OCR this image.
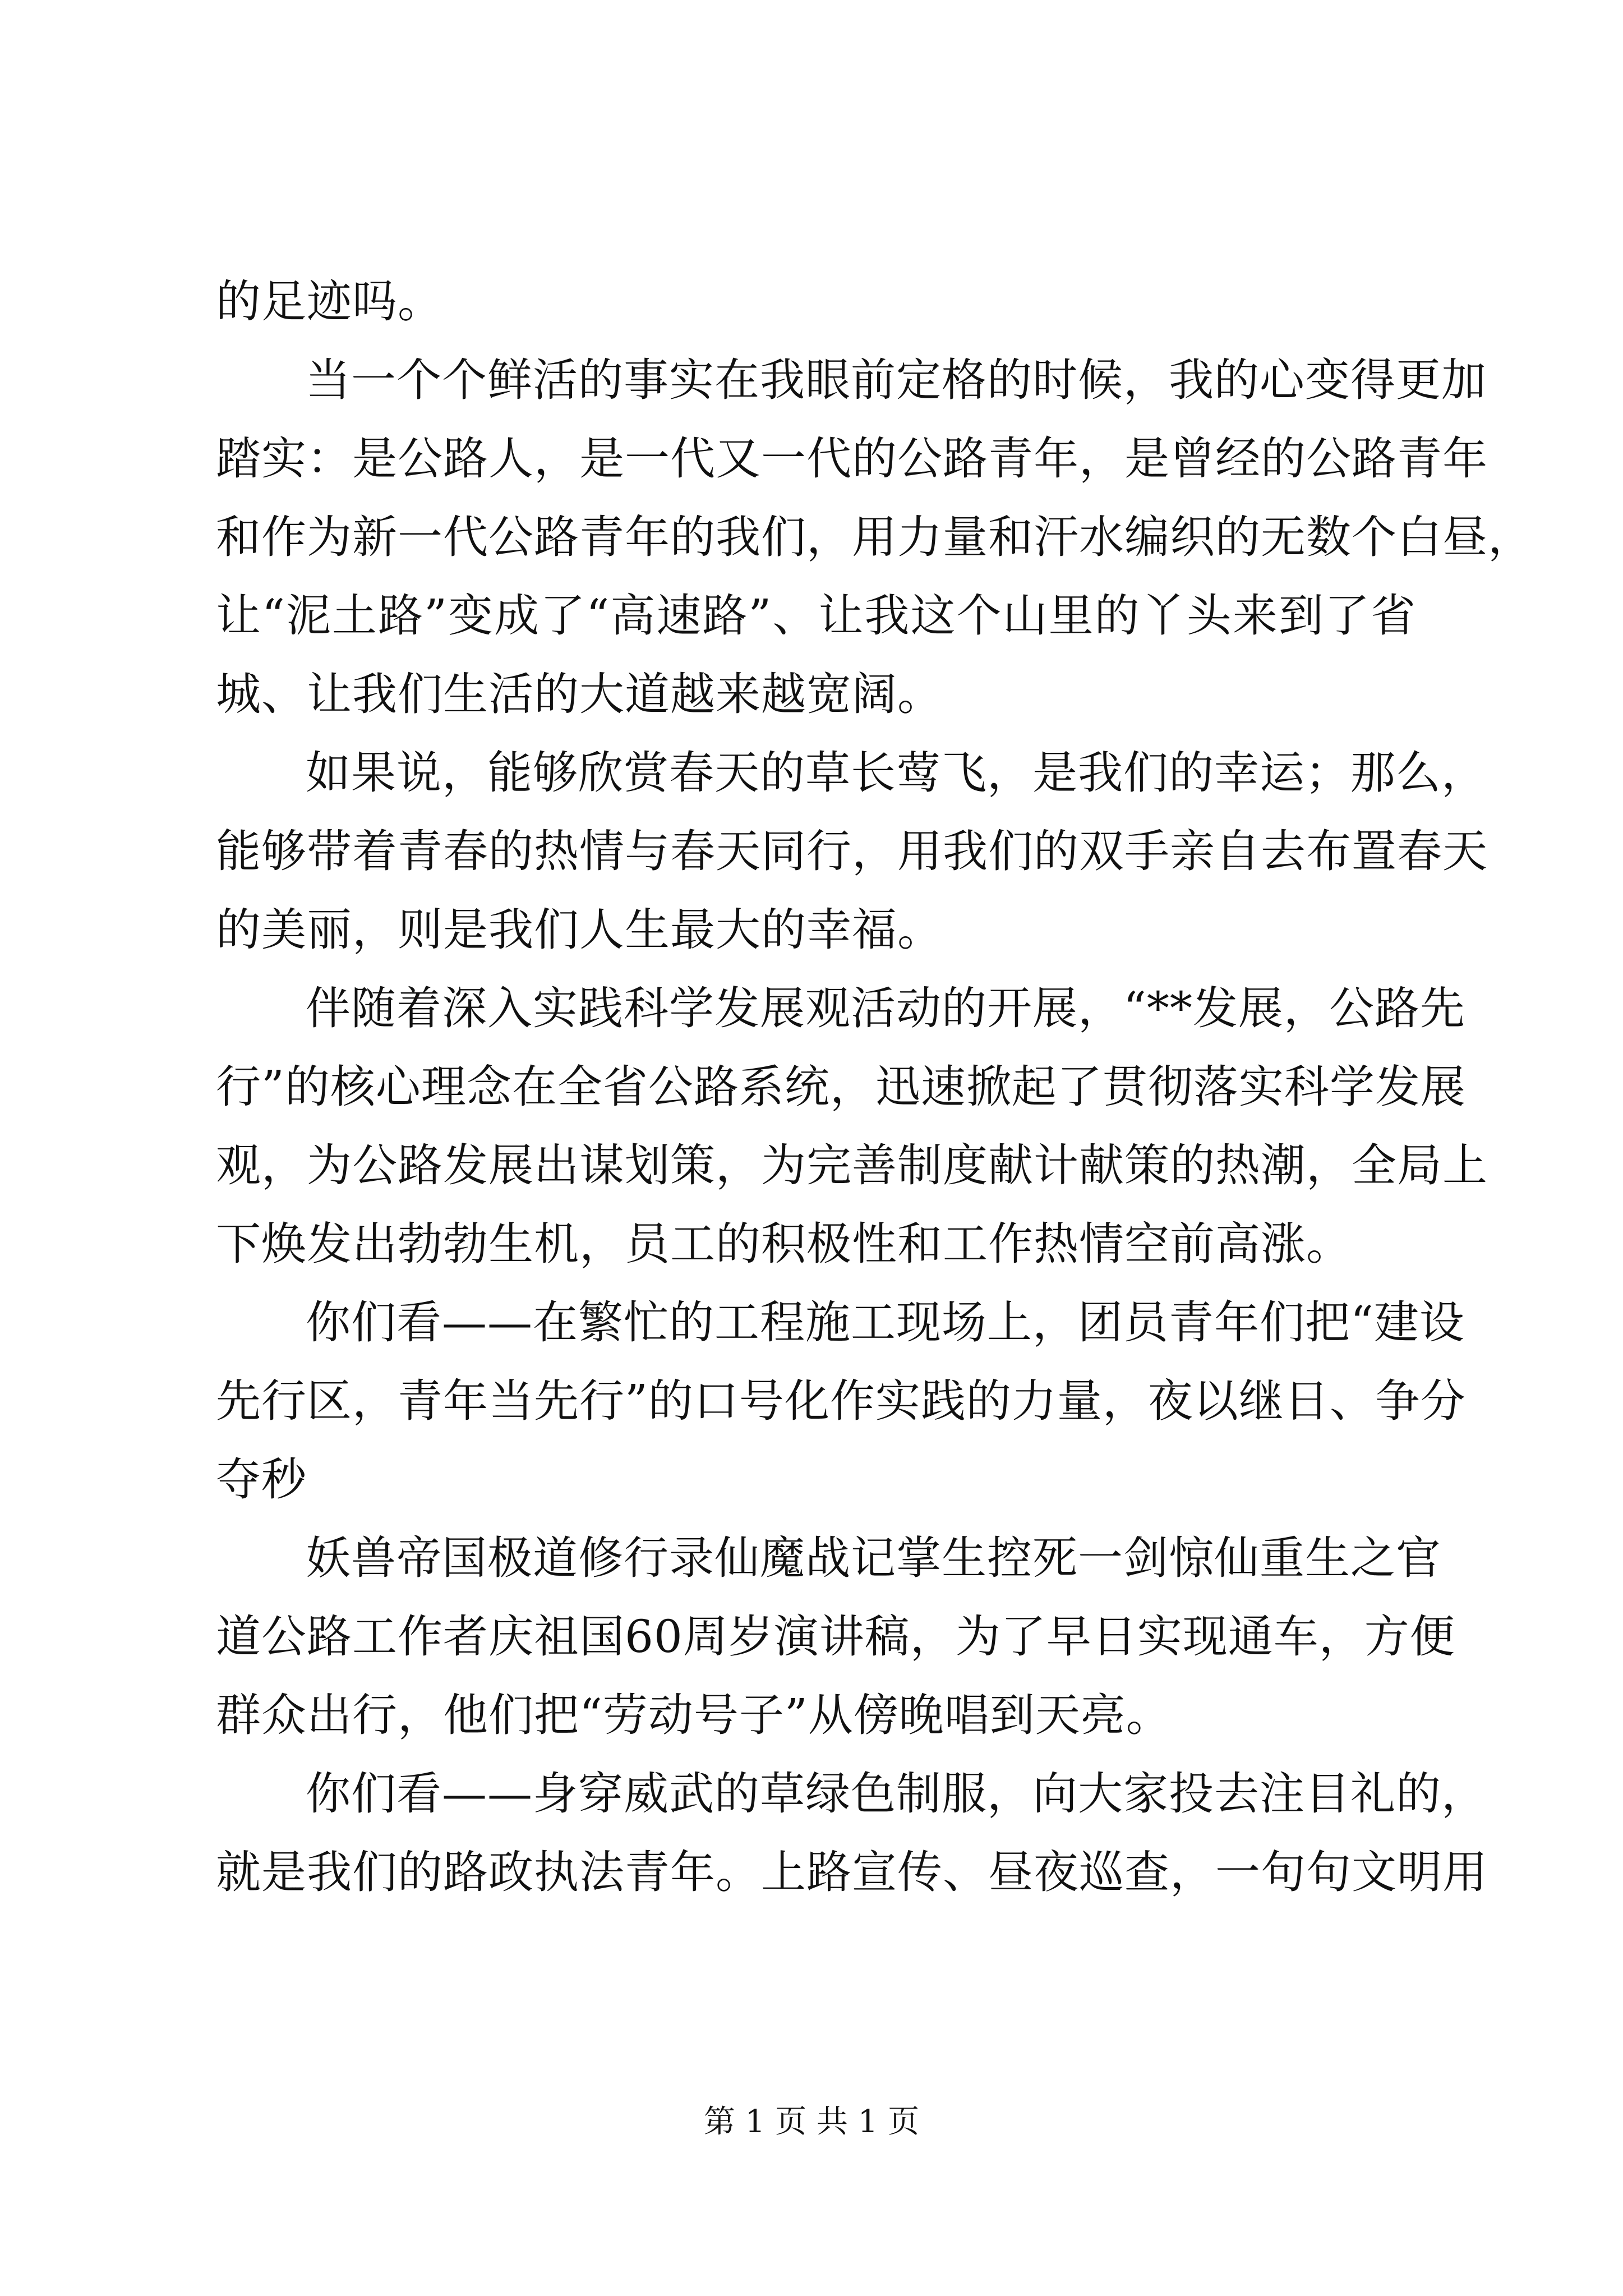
的足迹吗。
当一个个鲜活的事实在我眼前定格的时候，我的心变得更加
踏实：是公路人，是一代又一代的公路青年，是曾经的公路青年
和作为新一代公路青年的我们，用力量和汗水编织的无数个白昼，
让“泥土路”变成了“高速路”、让我这个山里的丫头来到了省
城、让我们生活的大道越来越宽阔。
如果说，能够欣赏春天的草长莺飞，是我们的幸运；那么，
能够带着青春的热情与春天同行，用我们的双手亲自去布置春天
的美丽，则是我们人生最大的幸福。
伴随着深入实践科学发展观活动的开展，“**发展，公路先
行”的核心理念在全省公路系统，迅速掀起了贯彻落实科学发展
观，为公路发展出谋划策，为完善制度献计献策的热潮，全局上
下焕发出勃勃生机，员工的积极性和工作热情空前高涨。
你们看——在繁忙的工程施工现场上，团员青年们把“建设
先行区，青年当先行”的口号化作实践的力量，夜以继日、争分
夺秒
妖兽帝国极道修行录仙魔战记掌生控死一剑惊仙重生之官
道公路工作者庆祖国60周岁演讲稿，为了早日实现通车，方便
群众出行，他们把“劳动号子”从傍晚唱到天亮。
你们看——身穿威武的草绿色制服，向大家投去注目礼的，
就是我们的路政执法青年。上路宣传、昼夜巡查，一句句文明用
第 1 页 共 1 页
